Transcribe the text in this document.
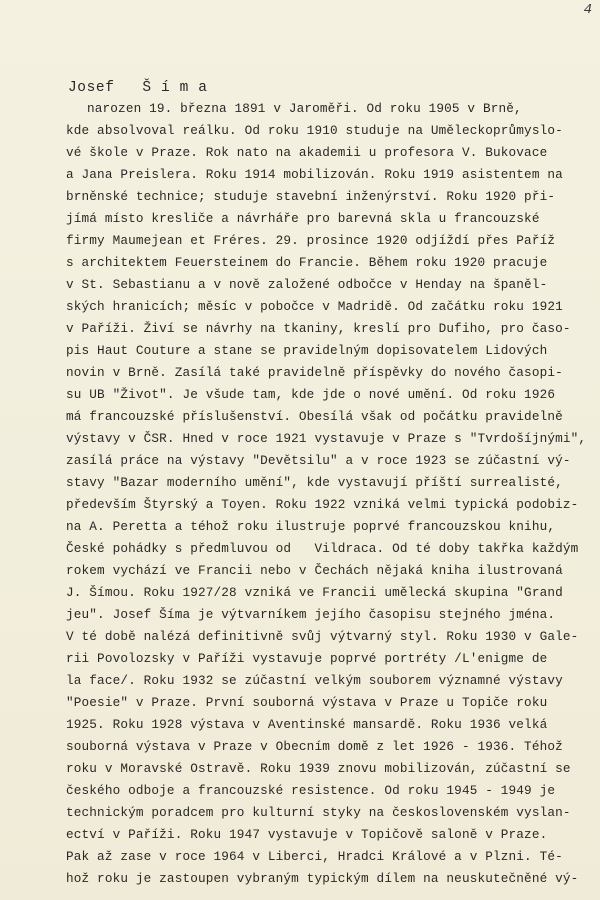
4
Josef   Š í m a
narozen 19. března 1891 v Jaroměři. Od roku 1905 v Brně,
kde absolvoval reálku. Od roku 1910 studuje na Uměleckoprůmyslo-
vé škole v Praze. Rok nato na akademii u profesora V. Bukovace
a Jana Preislera. Roku 1914 mobilizován. Roku 1919 asistentem na
brněnské technice; studuje stavební inženýrství. Roku 1920 při-
jímá místo kresliče a návrháře pro barevná skla u francouzské
firmy Maumejean et Fréres. 29. prosince 1920 odjíždí přes Paříž
s architektem Feuersteinem do Francie. Během roku 1920 pracuje
v St. Sebastianu a v nově založené odbočce v Henday na španěl-
ských hranicích; měsíc v pobočce v Madridě. Od začátku roku 1921
v Paříži. Živí se návrhy na tkaniny, kreslí pro Dufiho, pro časo-
pis Haut Couture a stane se pravidelným dopisovatelem Lidových
novin v Brně. Zasílá také pravidelně příspěvky do nového časopi-
su UB "Život". Je všude tam, kde jde o nové umění. Od roku 1926
má francouzské příslušenství. Obesílá však od počátku pravidelně
výstavy v ČSR. Hned v roce 1921 vystavuje v Praze s "Tvrdošíjnými",
zasílá práce na výstavy "Devětsilu" a v roce 1923 se zúčastní vý-
stavy "Bazar moderního umění", kde vystavují příští surrealisté,
především Štyrský a Toyen. Roku 1922 vzniká velmi typická podobiz-
na A. Peretta a téhož roku ilustruje poprvé francouzskou knihu,
České pohádky s předmluvou od   Vildraca. Od té doby takřka každým
rokem vychází ve Francii nebo v Čechách nějaká kniha ilustrovaná
J. Šímou. Roku 1927/28 vzniká ve Francii umělecká skupina "Grand
jeu". Josef Šíma je výtvarníkem jejího časopisu stejného jména.
V té době nalézá definitivně svůj výtvarný styl. Roku 1930 v Gale-
rii Povolozsky v Paříži vystavuje poprvé portréty /L'enigme de
la face/. Roku 1932 se zúčastní velkým souborem významné výstavy
"Poesie" v Praze. První souborná výstava v Praze u Topiče roku
1925. Roku 1928 výstava v Aventinské mansardě. Roku 1936 velká
souborná výstava v Praze v Obecním domě z let 1926 - 1936. Téhož
roku v Moravské Ostravě. Roku 1939 znovu mobilizován, zúčastní se
českého odboje a francouzské resistence. Od roku 1945 - 1949 je
technickým poradcem pro kulturní styky na československém vyslan-
ectví v Paříži. Roku 1947 vystavuje v Topičově saloně v Praze.
Pak až zase v roce 1964 v Liberci, Hradci Králové a v Plzni. Té-
hož roku je zastoupen vybraným typickým dílem na neuskutečněné vý-
